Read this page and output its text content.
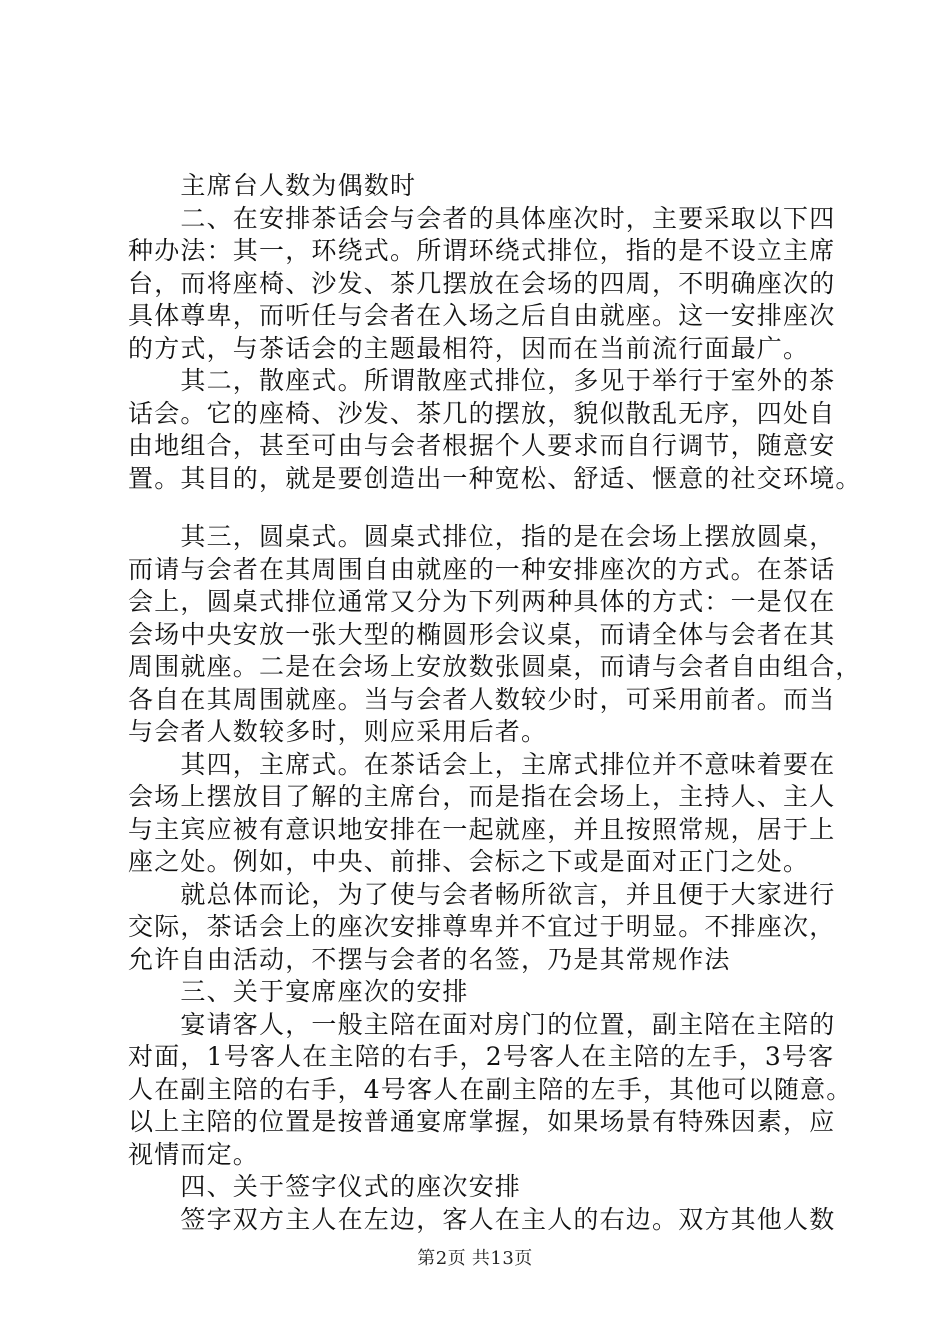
　　主席台人数为偶数时
　　二、在安排茶话会与会者的具体座次时，主要采取以下四
种办法：其一，环绕式。所谓环绕式排位，指的是不设立主席
台，而将座椅、沙发、茶几摆放在会场的四周，不明确座次的
具体尊卑，而听任与会者在入场之后自由就座。这一安排座次
的方式，与茶话会的主题最相符，因而在当前流行面最广。
　　其二，散座式。所谓散座式排位，多见于举行于室外的茶
话会。它的座椅、沙发、茶几的摆放，貌似散乱无序，四处自
由地组合，甚至可由与会者根据个人要求而自行调节，随意安
置。其目的，就是要创造出一种宽松、舒适、惬意的社交环境。
　　其三，圆桌式。圆桌式排位，指的是在会场上摆放圆桌，
而请与会者在其周围自由就座的一种安排座次的方式。在茶话
会上，圆桌式排位通常又分为下列两种具体的方式：一是仅在
会场中央安放一张大型的椭圆形会议桌，而请全体与会者在其
周围就座。二是在会场上安放数张圆桌，而请与会者自由组合，
各自在其周围就座。当与会者人数较少时，可采用前者。而当
与会者人数较多时，则应采用后者。
　　其四，主席式。在茶话会上，主席式排位并不意味着要在
会场上摆放目了解的主席台，而是指在会场上，主持人、主人
与主宾应被有意识地安排在一起就座，并且按照常规，居于上
座之处。例如，中央、前排、会标之下或是面对正门之处。
　　就总体而论，为了使与会者畅所欲言，并且便于大家进行
交际，茶话会上的座次安排尊卑并不宜过于明显。不排座次，
允许自由活动，不摆与会者的名签，乃是其常规作法
　　三、关于宴席座次的安排
　　宴请客人，一般主陪在面对房门的位置，副主陪在主陪的
对面，1号客人在主陪的右手，2号客人在主陪的左手，3号客
人在副主陪的右手，4号客人在副主陪的左手，其他可以随意。
以上主陪的位置是按普通宴席掌握，如果场景有特殊因素，应
视情而定。
　　四、关于签字仪式的座次安排
　　签字双方主人在左边，客人在主人的右边。双方其他人数
第2页 共13页
